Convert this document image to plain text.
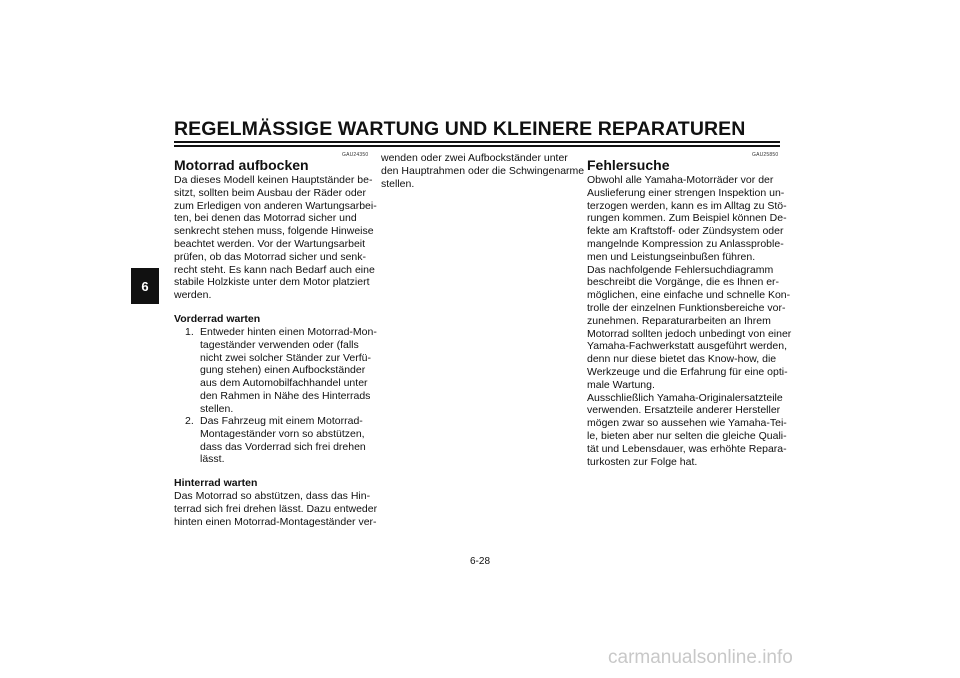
REGELMÄSSIGE WARTUNG UND KLEINERE REPARATUREN
6
GAU24350
Motorrad aufbocken
Da dieses Modell keinen Hauptständer be-
sitzt, sollten beim Ausbau der Räder oder
zum Erledigen von anderen Wartungsarbei-
ten, bei denen das Motorrad sicher und
senkrecht stehen muss, folgende Hinweise
beachtet werden. Vor der Wartungsarbeit
prüfen, ob das Motorrad sicher und senk-
recht steht. Es kann nach Bedarf auch eine
stabile Holzkiste unter dem Motor platziert
werden.
Vorderrad warten
1. Entweder hinten einen Motorrad-Mon-
tageständer verwenden oder (falls
nicht zwei solcher Ständer zur Verfü-
gung stehen) einen Aufbockständer
aus dem Automobilfachhandel unter
den Rahmen in Nähe des Hinterrads
stellen.
2. Das Fahrzeug mit einem Motorrad-
Montageständer vorn so abstützen,
dass das Vorderrad sich frei drehen
lässt.
Hinterrad warten
Das Motorrad so abstützen, dass das Hin-
terrad sich frei drehen lässt. Dazu entweder
hinten einen Motorrad-Montageständer ver-
wenden oder zwei Aufbockständer unter
den Hauptrahmen oder die Schwingenarme
stellen.
GAU25850
Fehlersuche
Obwohl alle Yamaha-Motorräder vor der
Auslieferung einer strengen Inspektion un-
terzogen werden, kann es im Alltag zu Stö-
rungen kommen. Zum Beispiel können De-
fekte am Kraftstoff- oder Zündsystem oder
mangelnde Kompression zu Anlassproble-
men und Leistungseinbußen führen.
Das nachfolgende Fehlersuchdiagramm
beschreibt die Vorgänge, die es Ihnen er-
möglichen, eine einfache und schnelle Kon-
trolle der einzelnen Funktionsbereiche vor-
zunehmen. Reparaturarbeiten an Ihrem
Motorrad sollten jedoch unbedingt von einer
Yamaha-Fachwerkstatt ausgeführt werden,
denn nur diese bietet das Know-how, die
Werkzeuge und die Erfahrung für eine opti-
male Wartung.
Ausschließlich Yamaha-Originalersatzteile
verwenden. Ersatzteile anderer Hersteller
mögen zwar so aussehen wie Yamaha-Tei-
le, bieten aber nur selten die gleiche Quali-
tät und Lebensdauer, was erhöhte Repara-
turkosten zur Folge hat.
6-28
carmanualsonline.info
